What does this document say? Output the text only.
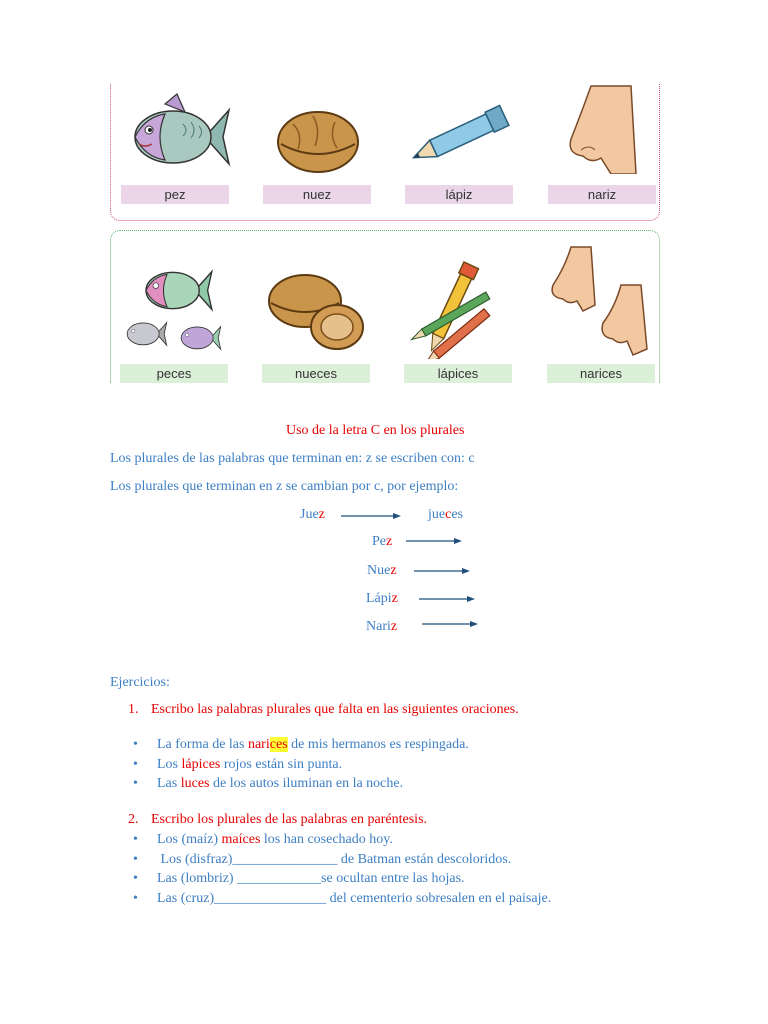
pez	nuez	lápiz	nariz
peces	nueces	lápices	narices
Uso de la letra C en los plurales
Los plurales de las palabras que terminan en: z se escriben con: c
Los plurales que terminan en z se cambian por c, por ejemplo:
Juez	jueces
Pez
Nuez
Lápiz
Nariz
Ejercicios:
1. Escribo las palabras plurales que falta en las siguientes oraciones.
• La forma de las narices de mis hermanos es respingada.
• Los lápices rojos están sin punta.
• Las luces de los autos iluminan en la noche.
2. Escribo los plurales de las palabras en paréntesis.
• Los (maíz) maíces los han cosechado hoy.
•  Los (disfraz)_______________ de Batman están descoloridos.
• Las (lombriz) ____________se ocultan entre las hojas.
• Las (cruz)________________ del cementerio sobresalen en el paisaje.
